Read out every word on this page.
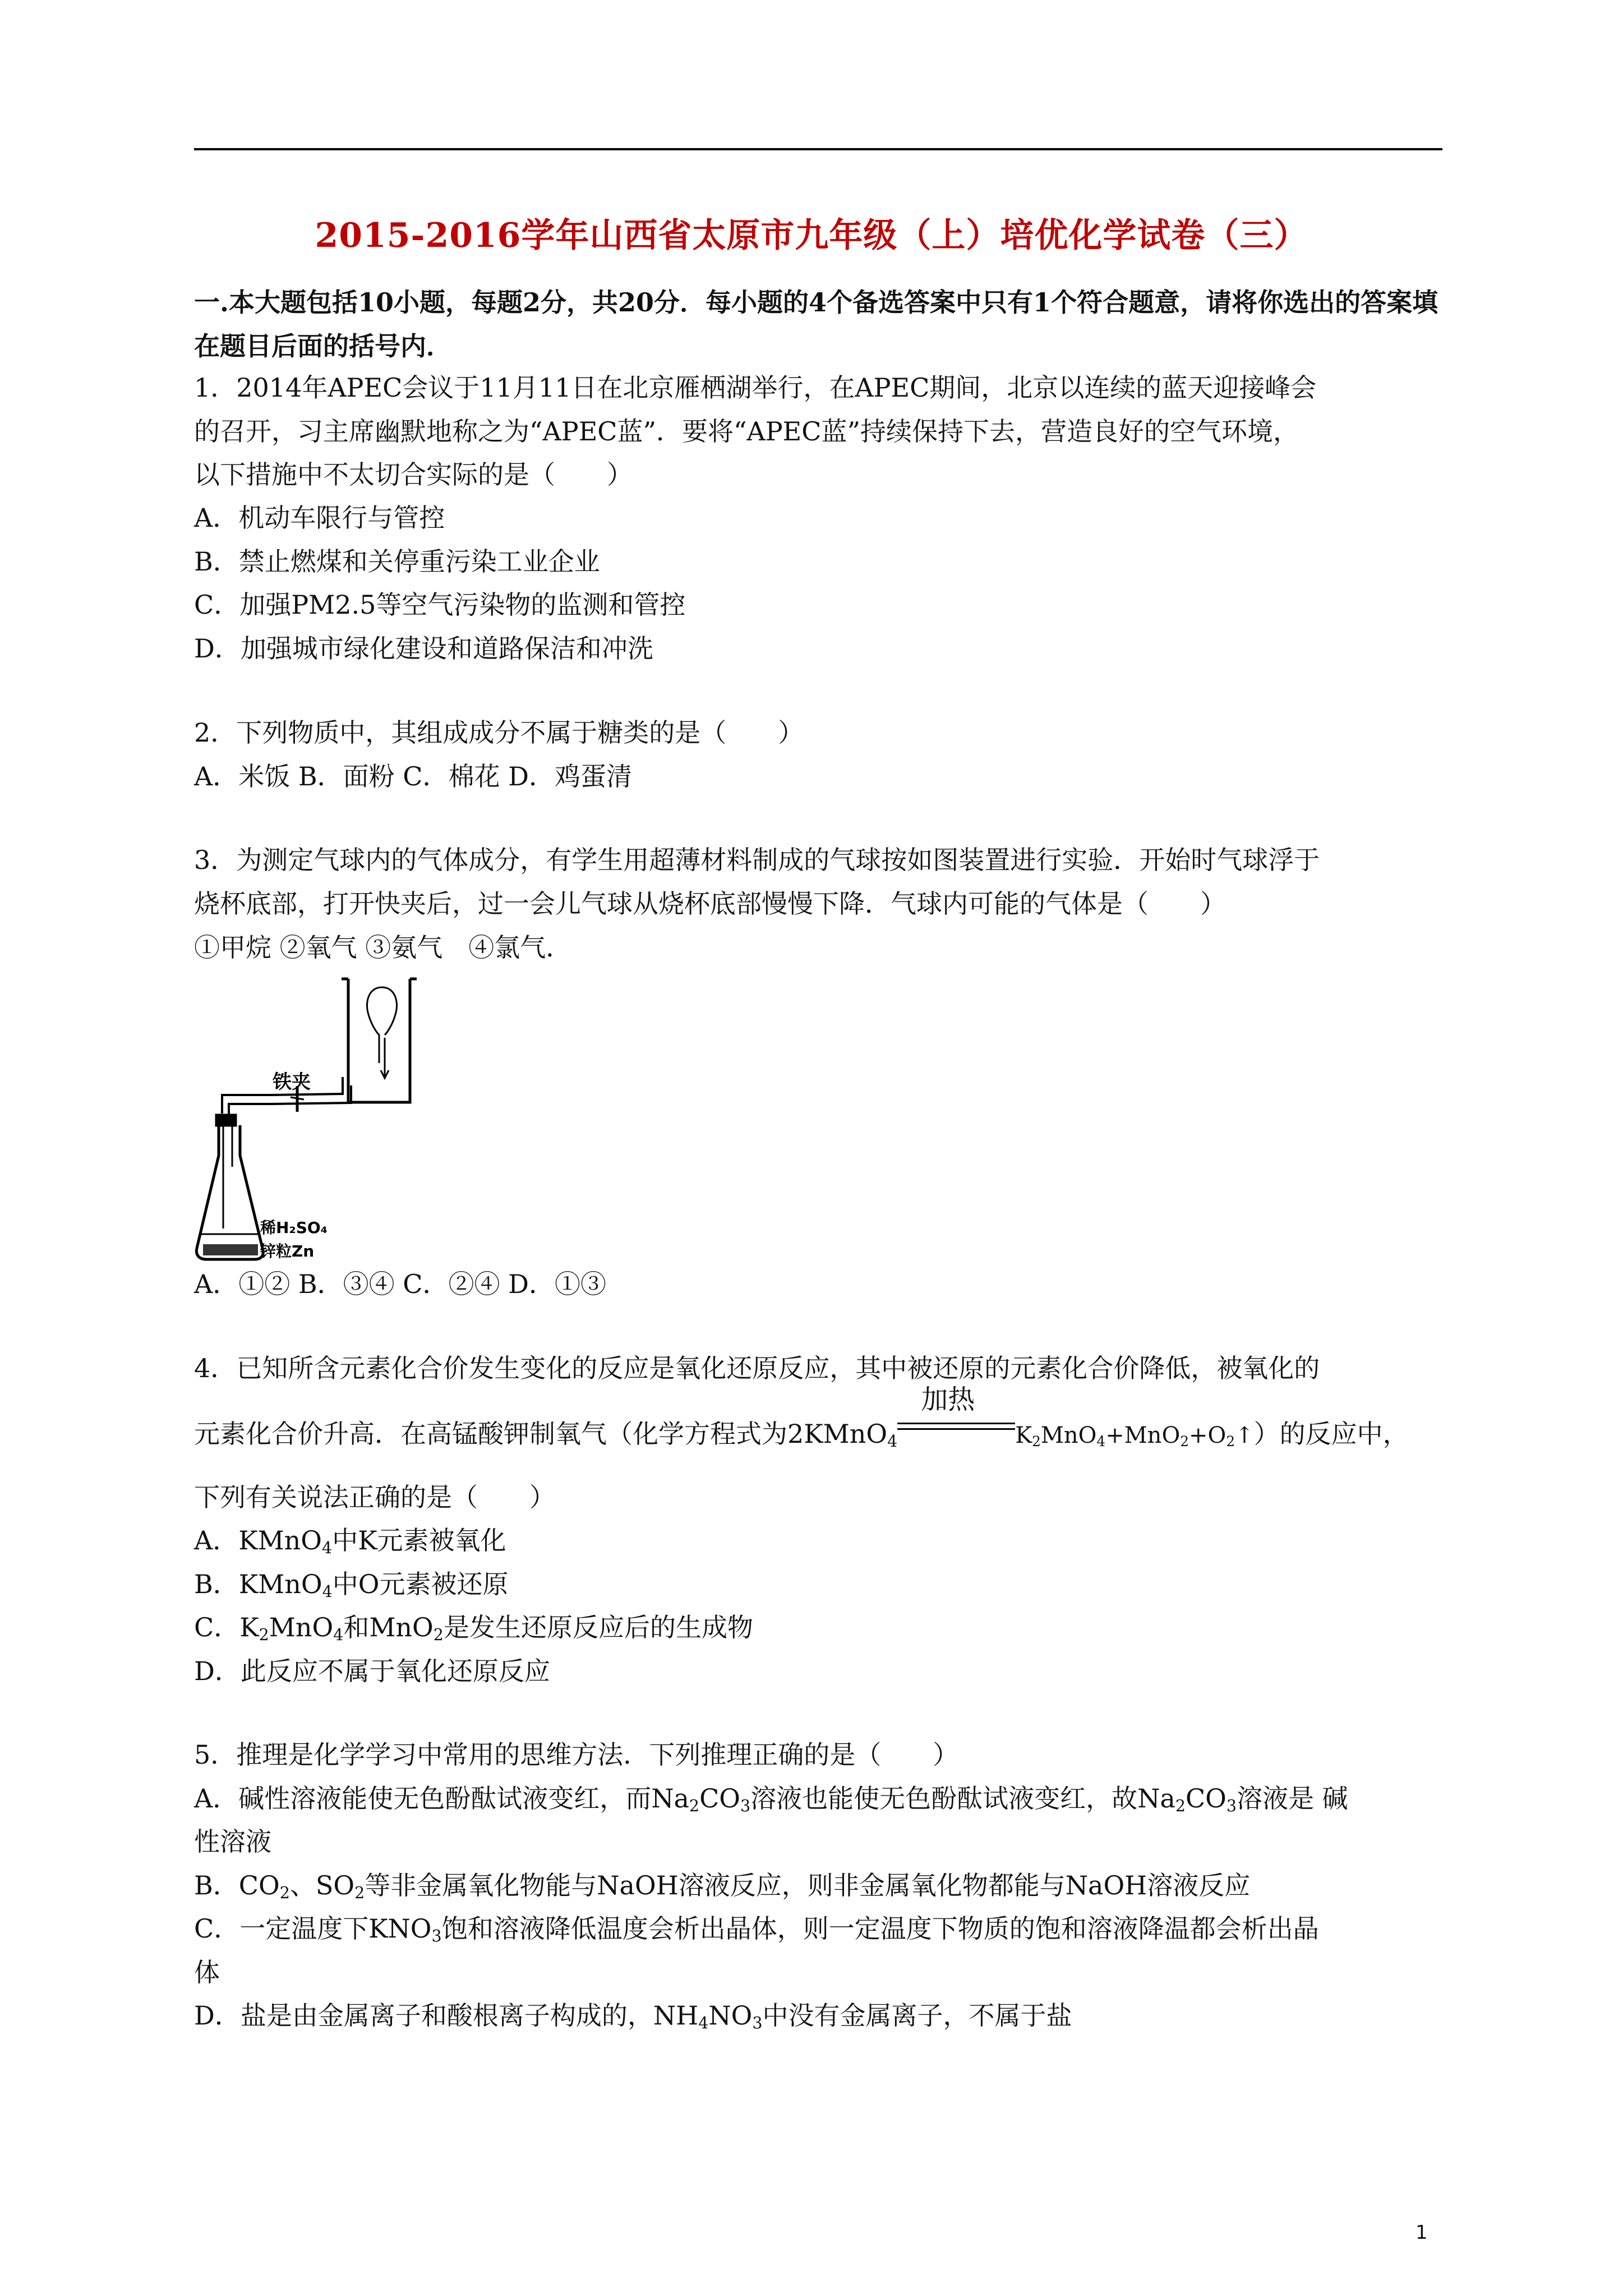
2015-2016学年山西省太原市九年级（上）培优化学试卷（三）
一.本大题包括10小题，每题2分，共20分．每小题的4个备选答案中只有1个符合题意，请将你选出的答案填在题目后面的括号内．
1．2014年APEC会议于11月11日在北京雁栖湖举行，在APEC期间，北京以连续的蓝天迎接峰会
的召开，习主席幽默地称之为“APEC蓝”．要将“APEC蓝”持续保持下去，营造良好的空气环境，
以下措施中不太切合实际的是（　　）
A．机动车限行与管控
B．禁止燃煤和关停重污染工业企业
C．加强PM2.5等空气污染物的监测和管控
D．加强城市绿化建设和道路保洁和冲洗
2．下列物质中，其组成成分不属于糖类的是（　　）
A．米饭 B．面粉 C．棉花 D．鸡蛋清
3．为测定气球内的气体成分，有学生用超薄材料制成的气球按如图装置进行实验．开始时气球浮于
烧杯底部，打开快夹后，过一会儿气球从烧杯底部慢慢下降．气球内可能的气体是（　　）
①甲烷 ②氧气 ③氨气　④氯气．
铁夹
稀H₂SO₄
锌粒Zn
A．①② B．③④ C．②④ D．①③
4．已知所含元素化合价发生变化的反应是氧化还原反应，其中被还原的元素化合价降低，被氧化的
元素化合价升高．在高锰酸钾制氧气（化学方程式为2KMnO$_4$
加热
$K_2MnO_4+MnO_2+O_2↑$）的反应中，
下列有关说法正确的是（　　）
A．KMnO$_4$中K元素被氧化
B．KMnO$_4$中O元素被还原
C．$K_2MnO_4$和MnO$_2$是发生还原反应后的生成物
D．此反应不属于氧化还原反应
5．推理是化学学习中常用的思维方法．下列推理正确的是（　　）
A．碱性溶液能使无色酚酞试液变红，而$Na_2CO_3$溶液也能使无色酚酞试液变红，故$Na_2CO_3$溶液是 碱
性溶液
B．$CO_2$、$SO_2$等非金属氧化物能与NaOH溶液反应，则非金属氧化物都能与NaOH溶液反应
C．一定温度下$KNO_3$饱和溶液降低温度会析出晶体，则一定温度下物质的饱和溶液降温都会析出晶
体
D．盐是由金属离子和酸根离子构成的，$NH_4NO_3$中没有金属离子，不属于盐
1
